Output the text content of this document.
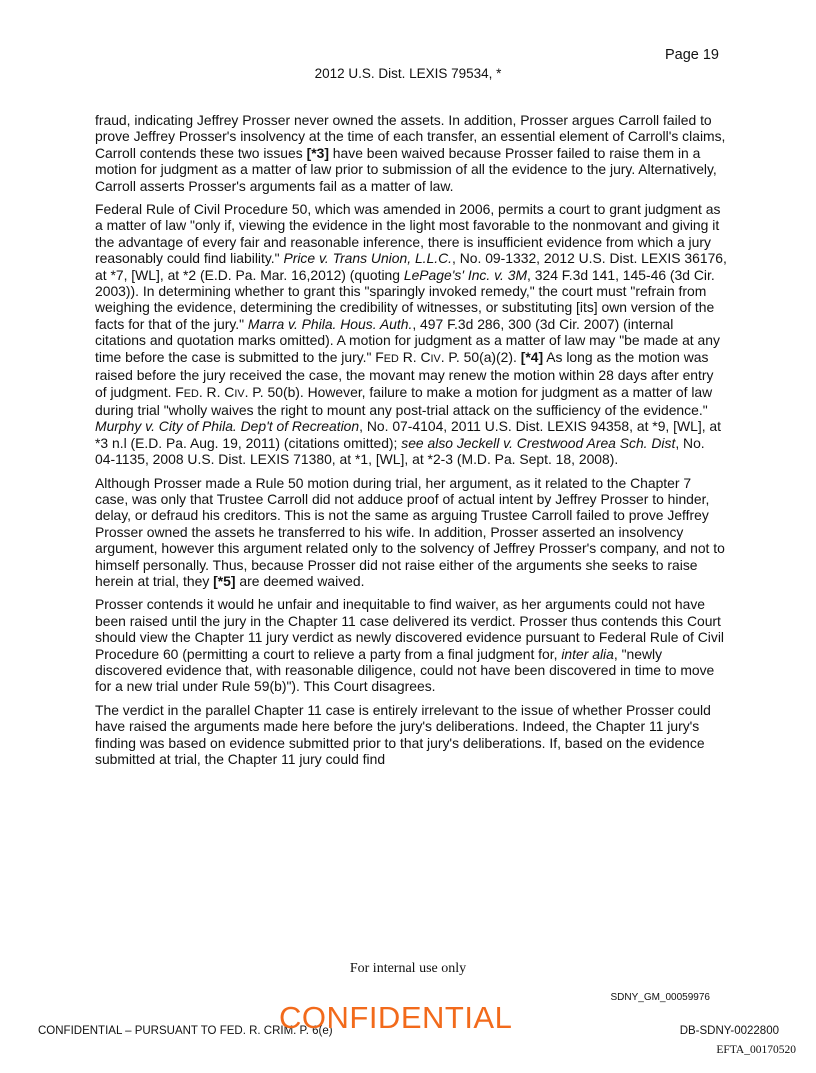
Page 19
2012 U.S. Dist. LEXIS 79534, *

fraud, indicating Jeffrey Prosser never owned the assets. In addition, Prosser argues Carroll failed to prove Jeffrey Prosser's insolvency at the time of each transfer, an essential element of Carroll's claims, Carroll contends these two issues [*3] have been waived because Prosser failed to raise them in a motion for judgment as a matter of law prior to submission of all the evidence to the jury. Alternatively, Carroll asserts Prosser's arguments fail as a matter of law.

Federal Rule of Civil Procedure 50, which was amended in 2006, permits a court to grant judgment as a matter of law "only if, viewing the evidence in the light most favorable to the nonmovant and giving it the advantage of every fair and reasonable inference, there is insufficient evidence from which a jury reasonably could find liability." Price v. Trans Union, L.L.C., No. 09-1332, 2012 U.S. Dist. LEXIS 36176, at *7, [WL], at *2 (E.D. Pa. Mar. 16,2012) (quoting LePage's' Inc. v. 3M, 324 F.3d 141, 145-46 (3d Cir. 2003)). In determining whether to grant this "sparingly invoked remedy," the court must "refrain from weighing the evidence, determining the credibility of witnesses, or substituting [its] own version of the facts for that of the jury." Marra v. Phila. Hous. Auth., 497 F.3d 286, 300 (3d Cir. 2007) (internal citations and quotation marks omitted). A motion for judgment as a matter of law may "be made at any time before the case is submitted to the jury." FED R. CIV. P. 50(a)(2). [*4] As long as the motion was raised before the jury received the case, the movant may renew the motion within 28 days after entry of judgment. FED. R. CIV. P. 50(b). However, failure to make a motion for judgment as a matter of law during trial "wholly waives the right to mount any post-trial attack on the sufficiency of the evidence." Murphy v. City of Phila. Dep't of Recreation, No. 07-4104, 2011 U.S. Dist. LEXIS 94358, at *9, [WL], at *3 n.l (E.D. Pa. Aug. 19, 2011) (citations omitted); see also Jeckell v. Crestwood Area Sch. Dist, No. 04-1135, 2008 U.S. Dist. LEXIS 71380, at *1, [WL], at *2-3 (M.D. Pa. Sept. 18, 2008).

Although Prosser made a Rule 50 motion during trial, her argument, as it related to the Chapter 7 case, was only that Trustee Carroll did not adduce proof of actual intent by Jeffrey Prosser to hinder, delay, or defraud his creditors. This is not the same as arguing Trustee Carroll failed to prove Jeffrey Prosser owned the assets he transferred to his wife. In addition, Prosser asserted an insolvency argument, however this argument related only to the solvency of Jeffrey Prosser's company, and not to himself personally. Thus, because Prosser did not raise either of the arguments she seeks to raise herein at trial, they [*5] are deemed waived.

Prosser contends it would he unfair and inequitable to find waiver, as her arguments could not have been raised until the jury in the Chapter 11 case delivered its verdict. Prosser thus contends this Court should view the Chapter 11 jury verdict as newly discovered evidence pursuant to Federal Rule of Civil Procedure 60 (permitting a court to relieve a party from a final judgment for, inter alia, "newly discovered evidence that, with reasonable diligence, could not have been discovered in time to move for a new trial under Rule 59(b)"). This Court disagrees.

The verdict in the parallel Chapter 11 case is entirely irrelevant to the issue of whether Prosser could have raised the arguments made here before the jury's deliberations. Indeed, the Chapter 11 jury's finding was based on evidence submitted prior to that jury's deliberations. If, based on the evidence submitted at trial, the Chapter 11 jury could find

For internal use only
SDNY_GM_00059976
CONFIDENTIAL
CONFIDENTIAL – PURSUANT TO FED. R. CRIM. P. 6(e)	DB-SDNY-0022800
EFTA_00170520
